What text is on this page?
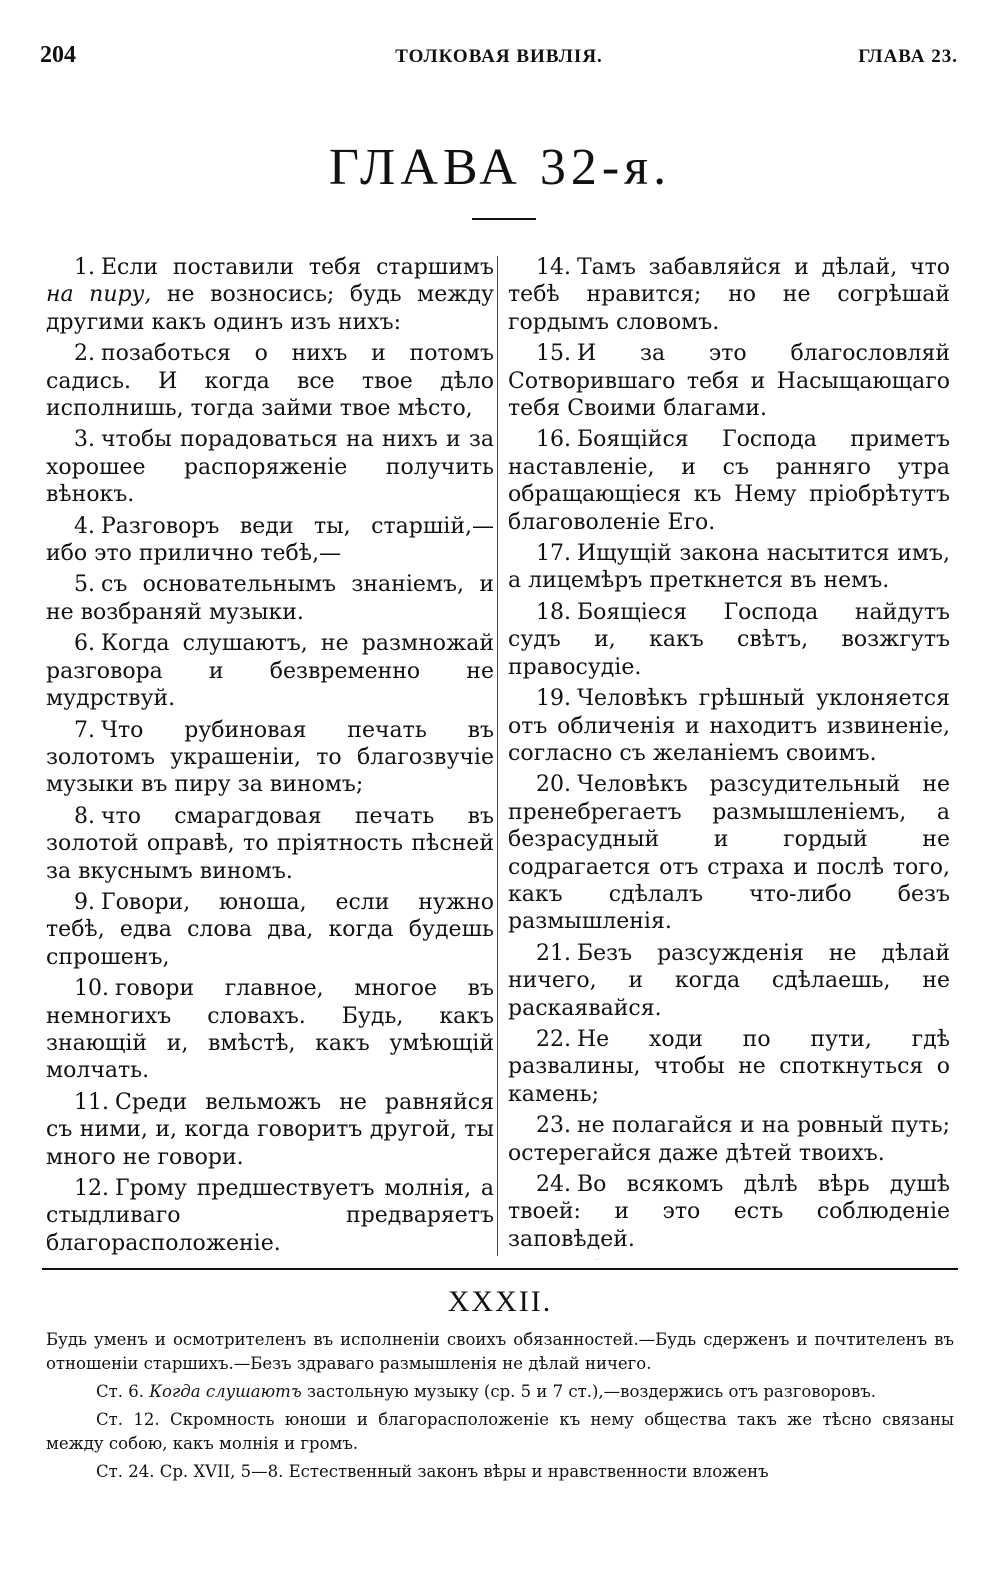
204	ТОЛКОВАЯ ВИВЛІЯ.	ГЛАВА 23.
ГЛАВА 32-я.

1. Если поставили тебя старшимъ на пиру, не возносись; будь между другими какъ одинъ изъ нихъ:

2. позаботься о нихъ и потомъ садись. И когда все твое дѣло исполнишь, тогда займи твое мѣсто,

3. чтобы порадоваться на нихъ и за хорошее распоряженіе получить вѣнокъ.

4. Разговоръ веди ты, старшій,— ибо это прилично тебѣ,—

5. съ основательнымъ знаніемъ, и не возбраняй музыки.

6. Когда слушаютъ, не размножай разговора и безвременно не мудрствуй.

7. Что рубиновая печать въ золотомъ украшеніи, то благозвучіе музыки въ пиру за виномъ;

8. что смарагдовая печать въ золотой оправѣ, то пріятность пѣсней за вкуснымъ виномъ.

9. Говори, юноша, если нужно тебѣ, едва слова два, когда будешь спрошенъ,

10. говори главное, многое въ немногихъ словахъ. Будь, какъ знающій и, вмѣстѣ, какъ умѣющій молчать.

11. Среди вельможъ не равняйся съ ними, и, когда говоритъ другой, ты много не говори.

12. Грому предшествуетъ молнія, а стыдливаго предваряетъ благорасположеніе.

14. Тамъ забавляйся и дѣлай, что тебѣ нравится; но не согрѣшай гордымъ словомъ.

15. И за это благословляй Сотворившаго тебя и Насыщающаго тебя Своими благами.

16. Боящійся Господа приметъ наставленіе, и съ ранняго утра обращающіеся къ Нему пріобрѣтутъ благоволеніе Его.

17. Ищущій закона насытится имъ, а лицемѣръ преткнется въ немъ.

18. Боящіеся Господа найдутъ судъ и, какъ свѣтъ, возжгутъ правосудіе.

19. Человѣкъ грѣшный уклоняется отъ обличенія и находитъ извиненіе, согласно съ желаніемъ своимъ.

20. Человѣкъ разсудительный не пренебрегаетъ размышленіемъ, а безрасудный и гордый не содрагается отъ страха и послѣ того, какъ сдѣлалъ что-либо безъ размышленія.

21. Безъ разсужденія не дѣлай ничего, и когда сдѣлаешь, не раскаявайся.

22. Не ходи по пути, гдѣ развалины, чтобы не споткнуться о камень;

23. не полагайся и на ровный путь; остерегайся даже дѣтей твоихъ.

24. Во всякомъ дѣлѣ вѣрь душѣ твоей: и это есть соблюденіе заповѣдей.

XXXII.

Будь уменъ и осмотрителенъ въ исполненіи своихъ обязанностей.—Будь сдерженъ и почтителенъ въ отношеніи старшихъ.—Безъ здраваго размышленія не дѣлай ничего.

Ст. 6. Когда слушаютъ застольную музыку (ср. 5 и 7 ст.),—воздержись отъ разговоровъ.

Ст. 12. Скромность юноши и благорасположеніе къ нему общества такъ же тѣсно связаны между собою, какъ молнія и громъ.

Ст. 24. Ср. XVII, 5—8. Естественный законъ вѣры и нравственности вложенъ
